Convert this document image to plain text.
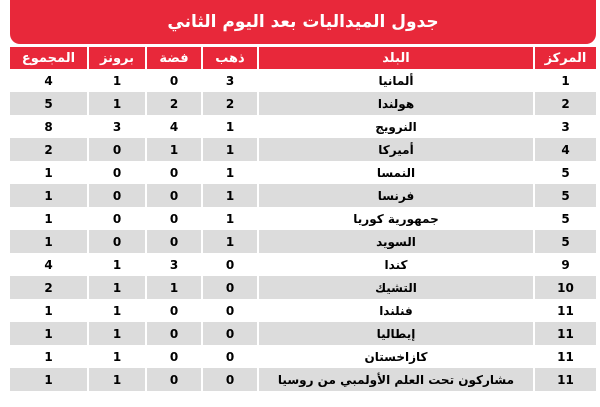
جدول الميداليات بعد اليوم الثاني
المركز	البلد	ذهب	فضة	برونز	المجموع
1	ألمانيا	3	0	1	4
2	هولندا	2	2	1	5
3	النرويج	1	4	3	8
4	أميركا	1	1	0	2
5	النمسا	1	0	0	1
5	فرنسا	1	0	0	1
5	جمهورية كوريا	1	0	0	1
5	السويد	1	0	0	1
9	كندا	0	3	1	4
10	التشيك	0	1	1	2
11	فنلندا	0	0	1	1
11	إيطاليا	0	0	1	1
11	كازاخستان	0	0	1	1
11	مشاركون تحت العلم الأولمبي من روسيا	0	0	1	1
